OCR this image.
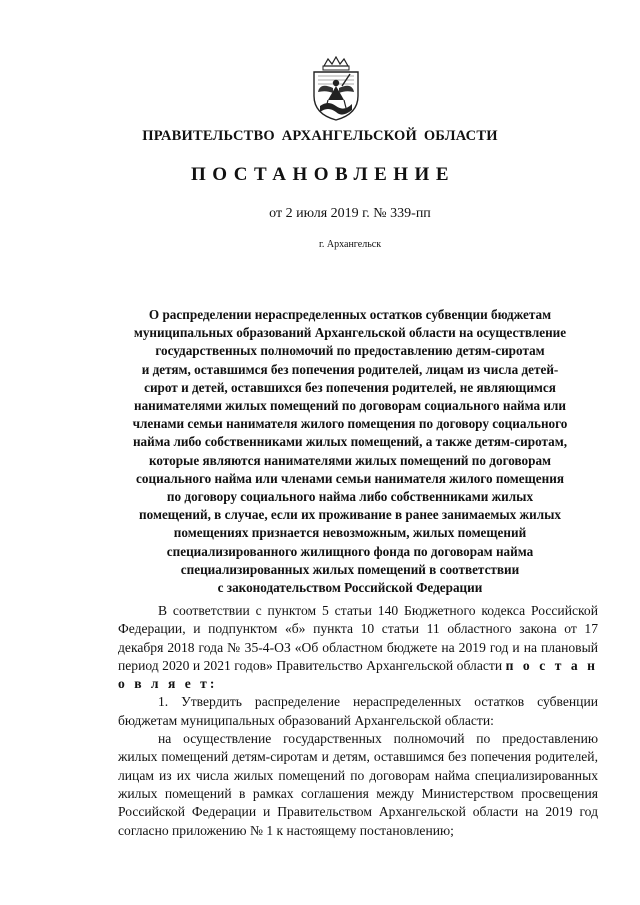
ПРАВИТЕЛЬСТВО АРХАНГЕЛЬСКОЙ ОБЛАСТИ
ПОСТАНОВЛЕНИЕ
от 2 июля 2019 г. № 339-пп
г. Архангельск
О распределении нераспределенных остатков субвенции бюджетам
муниципальных образований Архангельской области на осуществление
государственных полномочий по предоставлению детям-сиротам
и детям, оставшимся без попечения родителей, лицам из числа детей-
сирот и детей, оставшихся без попечения родителей, не являющимся
нанимателями жилых помещений по договорам социального найма или
членами семьи нанимателя жилого помещения по договору социального
найма либо собственниками жилых помещений, а также детям-сиротам,
которые являются нанимателями жилых помещений по договорам
социального найма или членами семьи нанимателя жилого помещения
по договору социального найма либо собственниками жилых
помещений, в случае, если их проживание в ранее занимаемых жилых
помещениях признается невозможным, жилых помещений
специализированного жилищного фонда по договорам найма
специализированных жилых помещений в соответствии
с законодательством Российской Федерации

В соответствии с пунктом 5 статьи 140 Бюджетного кодекса Российской Федерации, и подпунктом «б» пункта 10 статьи 11 областного закона от 17 декабря 2018 года № 35-4-ОЗ «Об областном бюджете на 2019 год и на плановый период 2020 и 2021 годов» Правительство Архангельской области п о с т а н о в л я е т:

1. Утвердить распределение нераспределенных остатков субвенции бюджетам муниципальных образований Архангельской области:

на осуществление государственных полномочий по предоставлению жилых помещений детям-сиротам и детям, оставшимся без попечения родителей, лицам из их числа жилых помещений по договорам найма специализированных жилых помещений в рамках соглашения между Министерством просвещения Российской Федерации и Правительством Архангельской области на 2019 год согласно приложению № 1 к настоящему постановлению;
